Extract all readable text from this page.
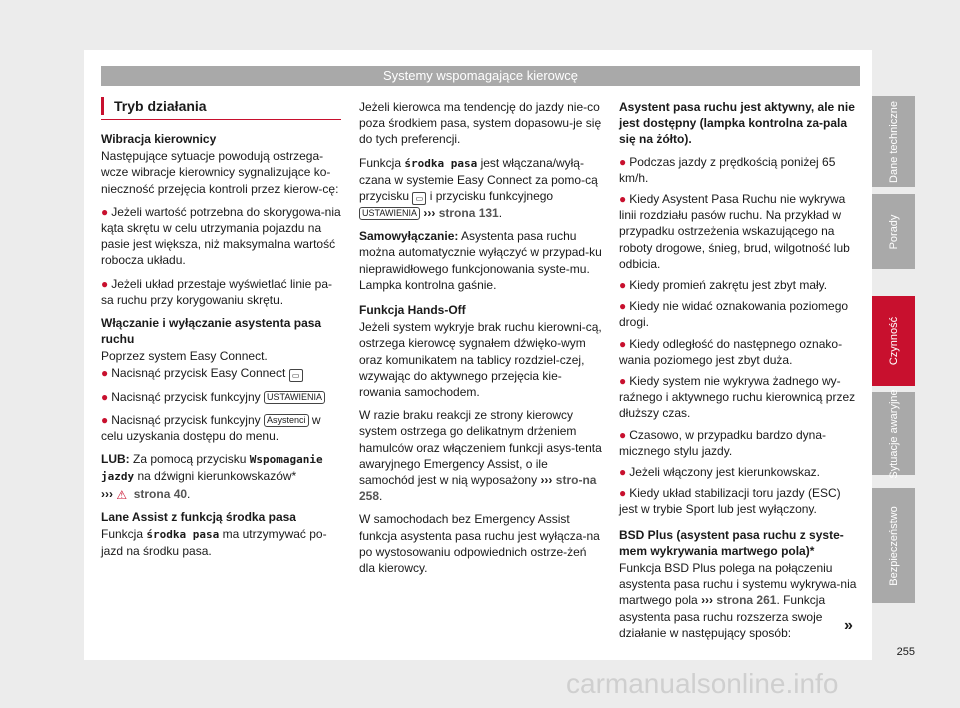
Systemy wspomagające kierowcę
Tryb działania
Wibracja kierownicy

Następujące sytuacje powodują ostrzega-wcze wibracje kierownicy sygnalizujące ko-nieczność przejęcia kontroli przez kierow-cę:

● Jeżeli wartość potrzebna do skorygowa-nia kąta skrętu w celu utrzymania pojazdu na pasie jest większa, niż maksymalna wartość robocza układu.

● Jeżeli układ przestaje wyświetlać linie pa-sa ruchu przy korygowaniu skrętu.

Włączanie i wyłączanie asystenta pasa ruchu

Poprzez system Easy Connect.

● Nacisnąć przycisk Easy Connect ▭

● Nacisnąć przycisk funkcyjny USTAWIENIA

● Nacisnąć przycisk funkcyjny Asystenci w celu uzyskania dostępu do menu.

LUB: Za pomocą przycisku Wspomaganie jazdy na dźwigni kierunkowskazów*
››› ⚠ strona 40.

Lane Assist z funkcją środka pasa

Funkcja środka pasa ma utrzymywać po-jazd na środku pasa.

Jeżeli kierowca ma tendencję do jazdy nie-co poza środkiem pasa, system dopasowu-je się do tych preferencji.

Funkcja środka pasa jest włączana/wyłą-czana w systemie Easy Connect za pomo-cą przycisku ▭ i przycisku funkcyjnego USTAWIENIA ››› strona 131.

Samowyłączanie: Asystenta pasa ruchu można automatycznie wyłączyć w przypad-ku nieprawidłowego funkcjonowania syste-mu. Lampka kontrolna gaśnie.

Funkcja Hands-Off

Jeżeli system wykryje brak ruchu kierowni-cą, ostrzega kierowcę sygnałem dźwięko-wym oraz komunikatem na tablicy rozdziel-czej, wzywając do aktywnego przejęcia kie-rowania samochodem.

W razie braku reakcji ze strony kierowcy system ostrzega go delikatnym drżeniem hamulców oraz włączeniem funkcji asys-tenta awaryjnego Emergency Assist, o ile samochód jest w nią wyposażony ››› stro-na 258.

W samochodach bez Emergency Assist funkcja asystenta pasa ruchu jest wyłącza-na po wystosowaniu odpowiednich ostrze-żeń dla kierowcy.

Asystent pasa ruchu jest aktywny, ale nie jest dostępny (lampka kontrolna za-pala się na żółto).

● Podczas jazdy z prędkością poniżej 65 km/h.

● Kiedy Asystent Pasa Ruchu nie wykrywa linii rozdziału pasów ruchu. Na przykład w przypadku ostrzeżenia wskazującego na roboty drogowe, śnieg, brud, wilgotność lub odbicia.

● Kiedy promień zakrętu jest zbyt mały.

● Kiedy nie widać oznakowania poziomego drogi.

● Kiedy odległość do następnego oznako-wania poziomego jest zbyt duża.

● Kiedy system nie wykrywa żadnego wy-raźnego i aktywnego ruchu kierownicą przez dłuższy czas.

● Czasowo, w przypadku bardzo dyna-micznego stylu jazdy.

● Jeżeli włączony jest kierunkowskaz.

● Kiedy układ stabilizacji toru jazdy (ESC) jest w trybie Sport lub jest wyłączony.

BSD Plus (asystent pasa ruchu z syste-mem wykrywania martwego pola)*

Funkcja BSD Plus polega na połączeniu asystenta pasa ruchu i systemu wykrywa-nia martwego pola ››› strona 261. Funkcja asystenta pasa ruchu rozszerza swoje działanie w następujący sposób:	»
Dane techniczne
Porady
Czynność
Sytuacje awaryjne
Bezpieczeństwo
255
carmanualsonline.info
